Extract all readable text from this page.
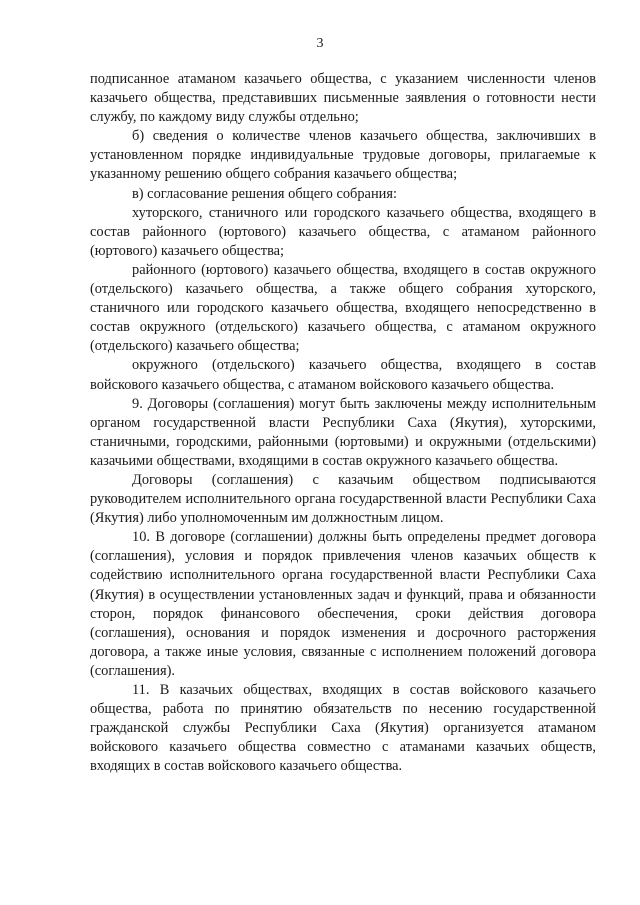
3

подписанное атаманом казачьего общества, с указанием численности членов казачьего общества, представивших письменные заявления о готовности нести службу, по каждому виду службы отдельно;

б) сведения о количестве членов казачьего общества, заключивших в установленном порядке индивидуальные трудовые договоры, прилагаемые к указанному решению общего собрания казачьего общества;

в) согласование решения общего собрания:

хуторского, станичного или городского казачьего общества, входящего в состав районного (юртового) казачьего общества, с атаманом районного (юртового) казачьего общества;

районного (юртового) казачьего общества, входящего в состав окружного (отдельского) казачьего общества, а также общего собрания хуторского, станичного или городского казачьего общества, входящего непосредственно в состав окружного (отдельского) казачьего общества, с атаманом окружного (отдельского) казачьего общества;

окружного (отдельского) казачьего общества, входящего в состав войскового казачьего общества, с атаманом войскового казачьего общества.

9. Договоры (соглашения) могут быть заключены между исполнительным органом государственной власти Республики Саха (Якутия), хуторскими, станичными, городскими, районными (юртовыми) и окружными (отдельскими) казачьими обществами, входящими в состав окружного казачьего общества.

Договоры (соглашения) с казачьим обществом подписываются руководителем исполнительного органа государственной власти Республики Саха (Якутия) либо уполномоченным им должностным лицом.

10. В договоре (соглашении) должны быть определены предмет договора (соглашения), условия и порядок привлечения членов казачьих обществ к содействию исполнительного органа государственной власти Республики Саха (Якутия) в осуществлении установленных задач и функций, права и обязанности сторон, порядок финансового обеспечения, сроки действия договора (соглашения), основания и порядок изменения и досрочного расторжения договора, а также иные условия, связанные с исполнением положений договора (соглашения).

11. В казачьих обществах, входящих в состав войскового казачьего общества, работа по принятию обязательств по несению государственной гражданской службы Республики Саха (Якутия) организуется атаманом войскового казачьего общества совместно с атаманами казачьих обществ, входящих в состав войскового казачьего общества.
